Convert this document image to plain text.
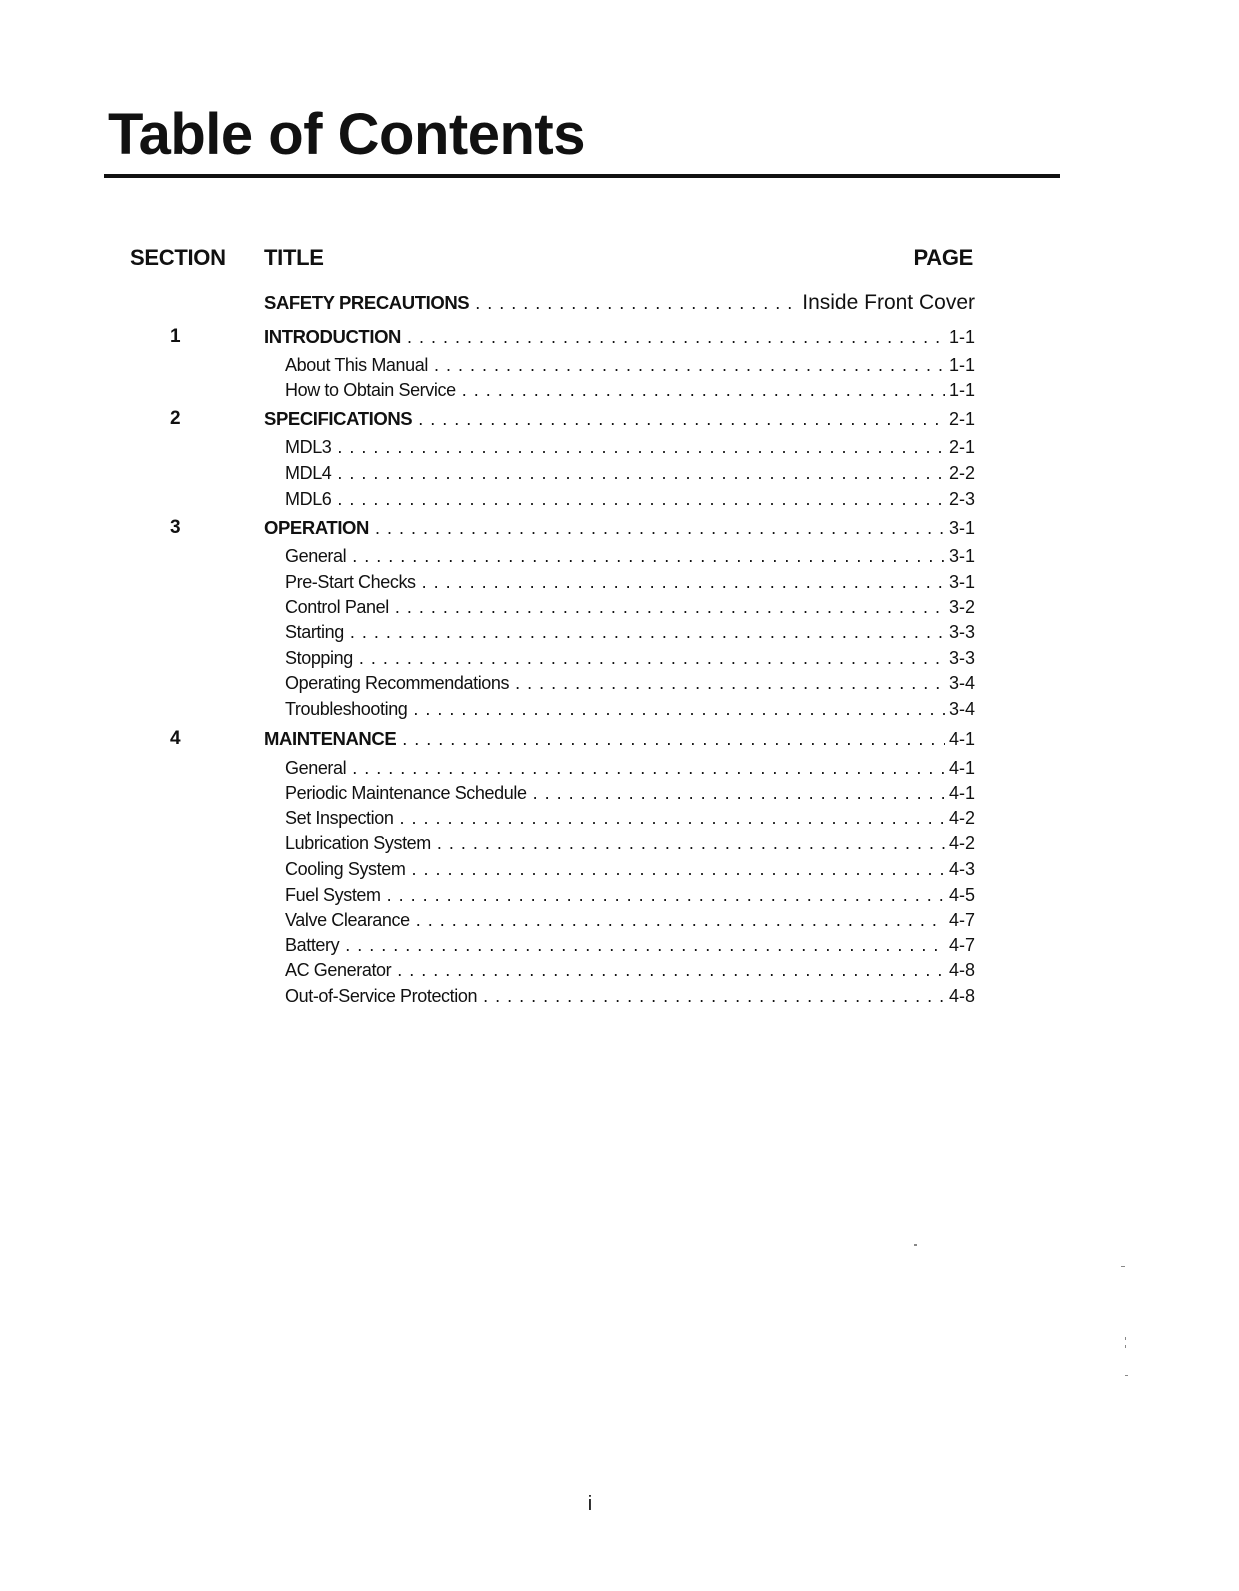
Table of Contents
SECTION TITLE	PAGE
SAFETY PRECAUTIONS . . .	Inside Front Cover
1	INTRODUCTION . . .	1-1
About This Manual . . .	1-1
How to Obtain Service . . .	1-1
2	SPECIFICATIONS . . .	2-1
MDL3 . . .	2-1
MDL4 . . .	2-2
MDL6 . . .	2-3
3	OPERATION . . .	3-1
General . . .	3-1
Pre-Start Checks . . .	3-1
Control Panel . . .	3-2
Starting . . .	3-3
Stopping . . .	3-3
Operating Recommendations . . .	3-4
Troubleshooting . . .	3-4
4	MAINTENANCE . . .	4-1
General . . .	4-1
Periodic Maintenance Schedule . . .	4-1
Set Inspection . . .	4-2
Lubrication System . . .	4-2
Cooling System . . .	4-3
Fuel System . . .	4-5
Valve Clearance . . .	4-7
Battery . . .	4-7
AC Generator . . .	4-8
Out-of-Service Protection . . .	4-8
i
